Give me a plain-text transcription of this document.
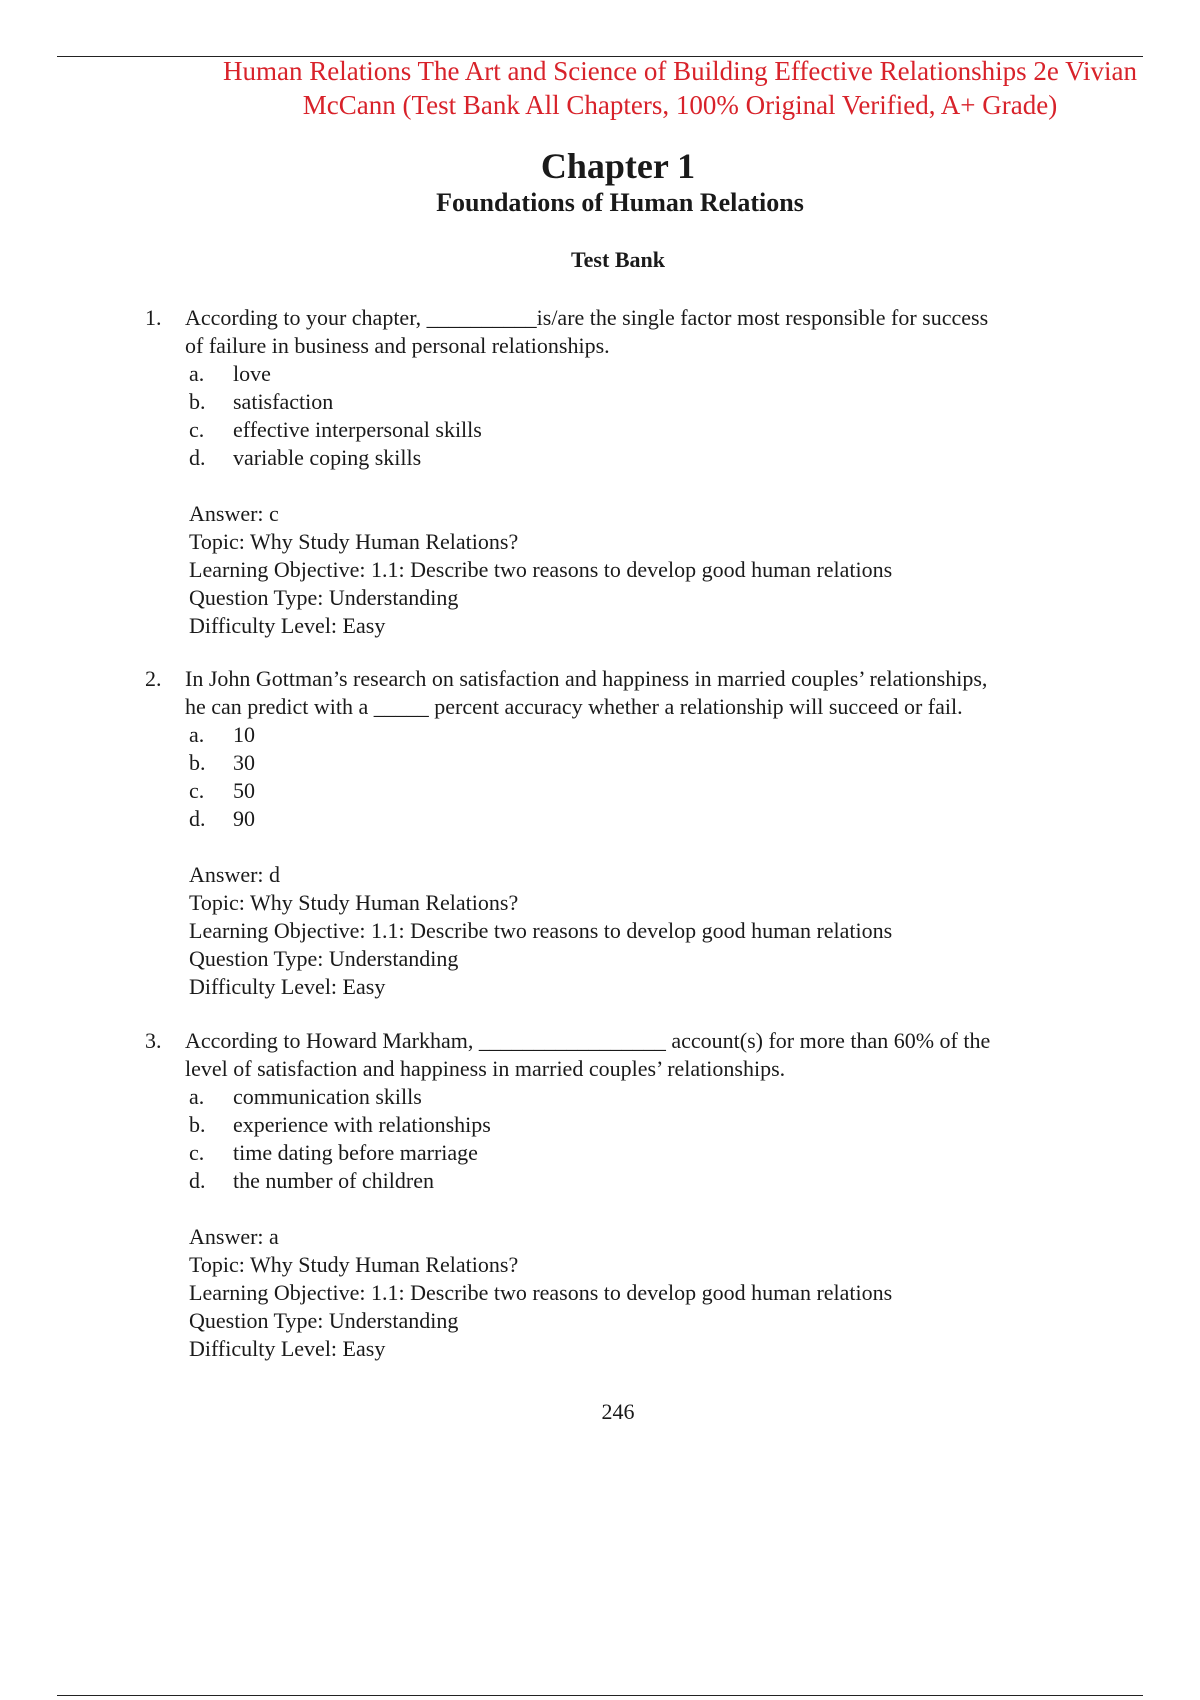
Human Relations The Art and Science of Building Effective Relationships 2e Vivian
McCann (Test Bank All Chapters, 100% Original Verified, A+ Grade)
Chapter 1
Foundations of Human Relations
Test Bank
1. According to your chapter, __________is/are the single factor most responsible for success
of failure in business and personal relationships.
a. love
b. satisfaction
c. effective interpersonal skills
d. variable coping skills
Answer: c
Topic: Why Study Human Relations?
Learning Objective: 1.1: Describe two reasons to develop good human relations
Question Type: Understanding
Difficulty Level: Easy
2. In John Gottman’s research on satisfaction and happiness in married couples’ relationships,
he can predict with a _____ percent accuracy whether a relationship will succeed or fail.
a. 10
b. 30
c. 50
d. 90
Answer: d
Topic: Why Study Human Relations?
Learning Objective: 1.1: Describe two reasons to develop good human relations
Question Type: Understanding
Difficulty Level: Easy
3. According to Howard Markham, _________________ account(s) for more than 60% of the
level of satisfaction and happiness in married couples’ relationships.
a. communication skills
b. experience with relationships
c. time dating before marriage
d. the number of children
Answer: a
Topic: Why Study Human Relations?
Learning Objective: 1.1: Describe two reasons to develop good human relations
Question Type: Understanding
Difficulty Level: Easy
246
